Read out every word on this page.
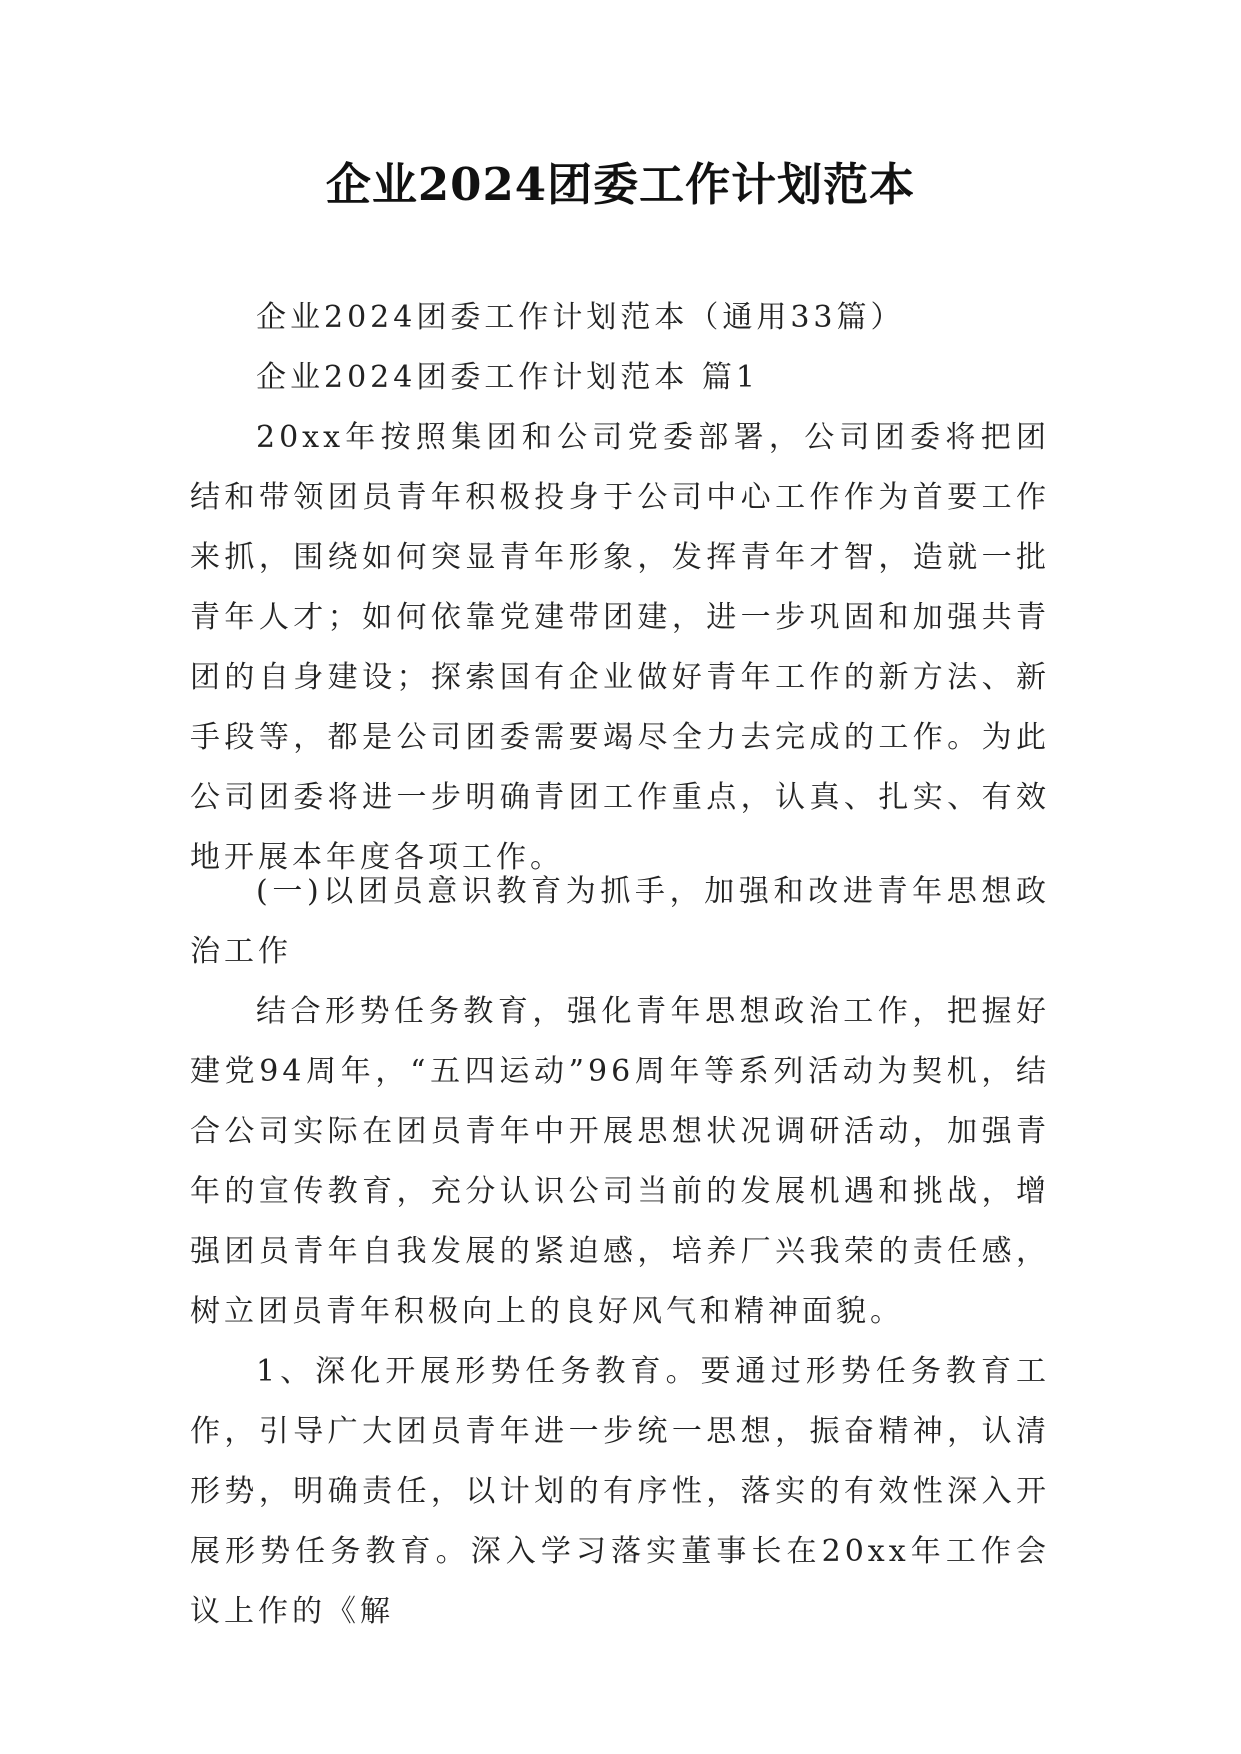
企业2024团委工作计划范本

企业2024团委工作计划范本（通用33篇）

企业2024团委工作计划范本 篇1

20xx年按照集团和公司党委部署，公司团委将把团结和带领团员青年积极投身于公司中心工作作为首要工作来抓，围绕如何突显青年形象，发挥青年才智，造就一批青年人才；如何依靠党建带团建，进一步巩固和加强共青团的自身建设；探索国有企业做好青年工作的新方法、新手段等，都是公司团委需要竭尽全力去完成的工作。为此公司团委将进一步明确青团工作重点，认真、扎实、有效地开展本年度各项工作。

(一)以团员意识教育为抓手，加强和改进青年思想政治工作

结合形势任务教育，强化青年思想政治工作，把握好建党94周年，“五四运动”96周年等系列活动为契机，结合公司实际在团员青年中开展思想状况调研活动，加强青年的宣传教育，充分认识公司当前的发展机遇和挑战，增强团员青年自我发展的紧迫感，培养厂兴我荣的责任感，树立团员青年积极向上的良好风气和精神面貌。

1、深化开展形势任务教育。要通过形势任务教育工作，引导广大团员青年进一步统一思想，振奋精神，认清形势，明确责任，以计划的有序性，落实的有效性深入开展形势任务教育。深入学习落实董事长在20xx年工作会议上作的《解
